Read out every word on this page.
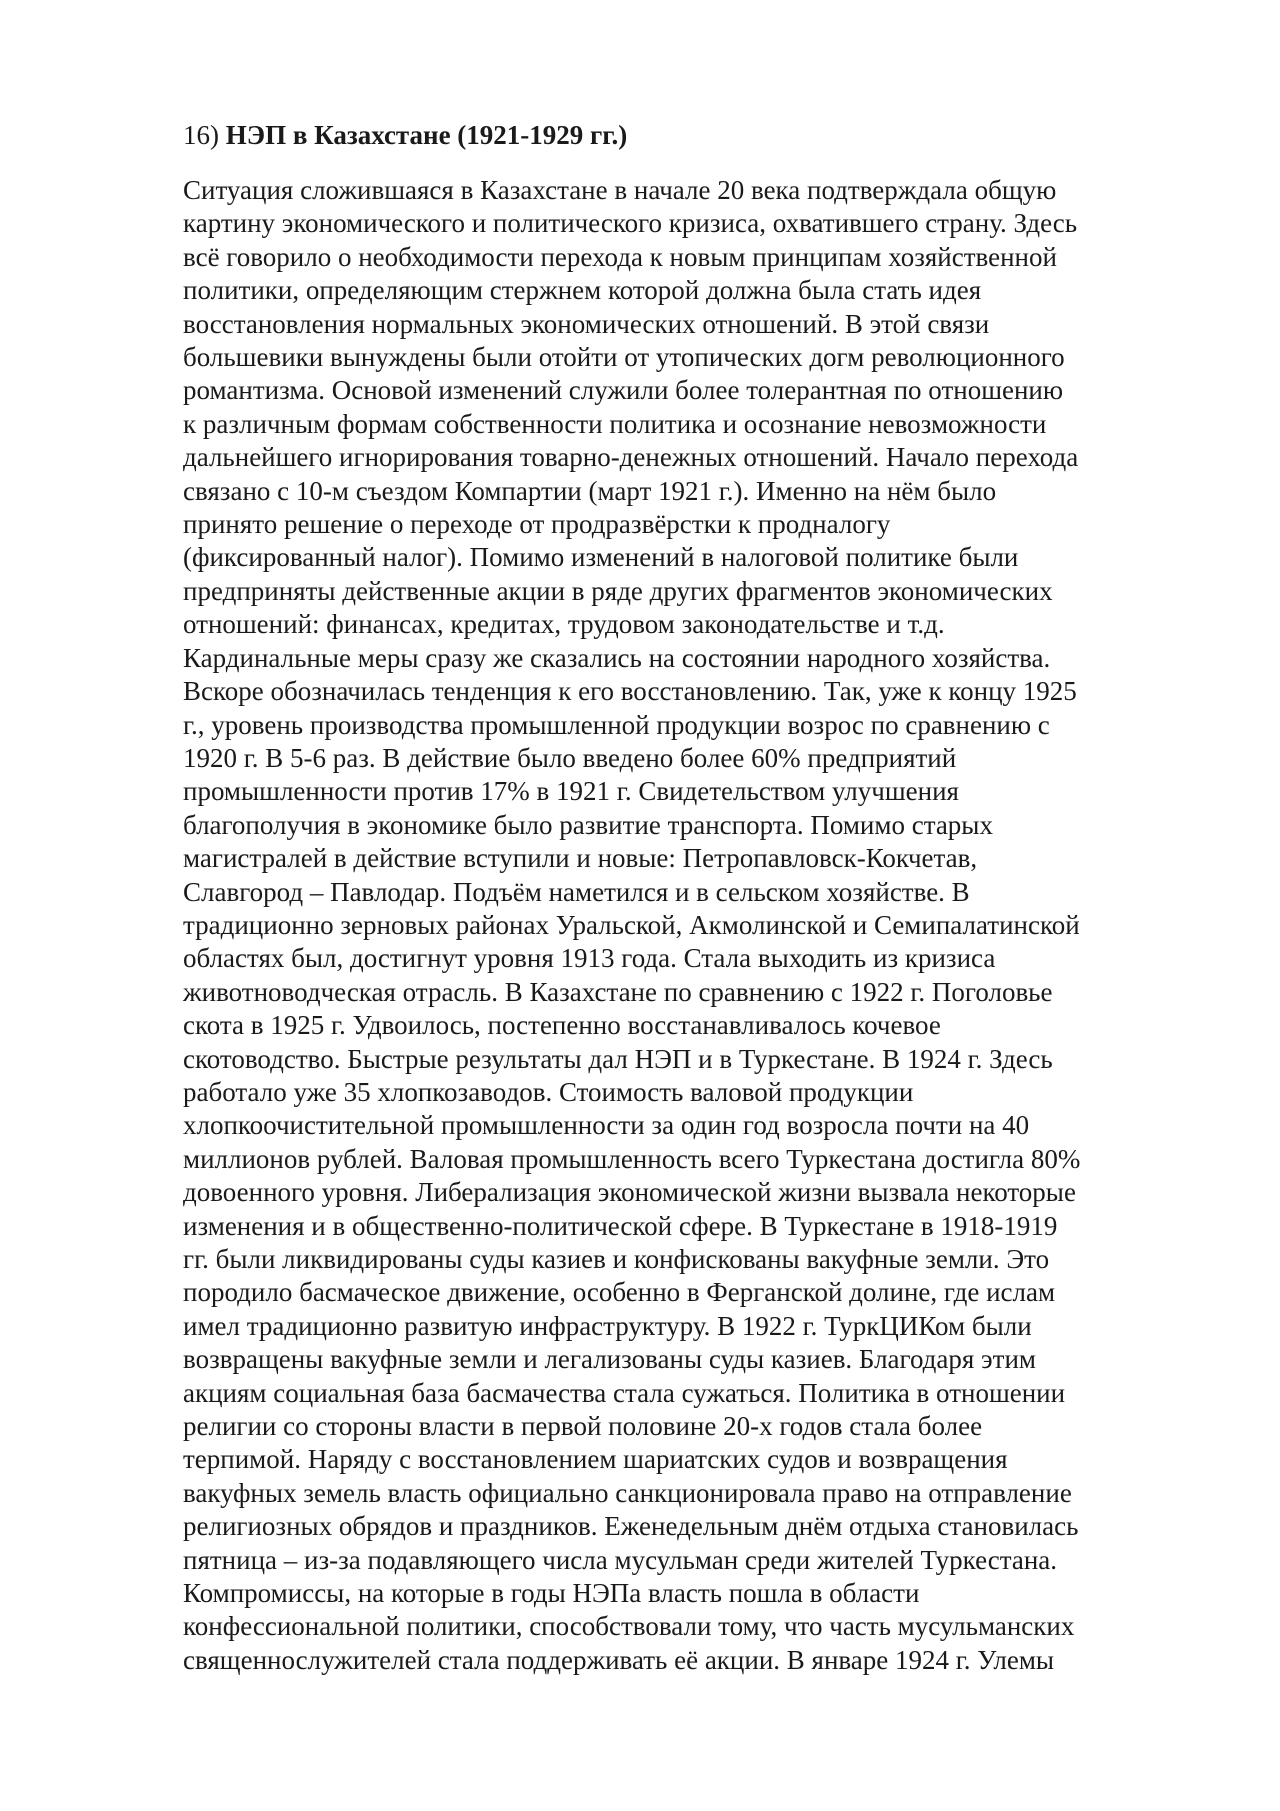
16) НЭП в Казахстане (1921-1929 гг.)
Ситуация сложившаяся в Казахстане в начале 20 века подтверждала общую
картину экономического и политического кризиса, охватившего страну. Здесь
всё говорило о необходимости перехода к новым принципам хозяйственной
политики, определяющим стержнем которой должна была стать идея
восстановления нормальных экономических отношений. В этой связи
большевики вынуждены были отойти от утопических догм революционного
романтизма. Основой изменений служили более толерантная по отношению
к различным формам собственности политика и осознание невозможности
дальнейшего игнорирования товарно-денежных отношений. Начало перехода
связано с 10-м съездом Компартии (март 1921 г.). Именно на нём было
принято решение о переходе от продразвёрстки к продналогу
(фиксированный налог). Помимо изменений в налоговой политике были
предприняты действенные акции в ряде других фрагментов экономических
отношений: финансах, кредитах, трудовом законодательстве и т.д.
Кардинальные меры сразу же сказались на состоянии народного хозяйства.
Вскоре обозначилась тенденция к его восстановлению. Так, уже к концу 1925
г., уровень производства промышленной продукции возрос по сравнению с
1920 г. В 5-6 раз. В действие было введено более 60% предприятий
промышленности против 17% в 1921 г. Свидетельством улучшения
благополучия в экономике было развитие транспорта. Помимо старых
магистралей в действие вступили и новые: Петропавловск-Кокчетав,
Славгород – Павлодар. Подъём наметился и в сельском хозяйстве. В
традиционно зерновых районах Уральской, Акмолинской и Семипалатинской
областях был, достигнут уровня 1913 года. Стала выходить из кризиса
животноводческая отрасль. В Казахстане по сравнению с 1922 г. Поголовье
скота в 1925 г. Удвоилось, постепенно восстанавливалось кочевое
скотоводство. Быстрые результаты дал НЭП и в Туркестане. В 1924 г. Здесь
работало уже 35 хлопкозаводов. Стоимость валовой продукции
хлопкоочистительной промышленности за один год возросла почти на 40
миллионов рублей. Валовая промышленность всего Туркестана достигла 80%
довоенного уровня. Либерализация экономической жизни вызвала некоторые
изменения и в общественно-политической сфере. В Туркестане в 1918-1919
гг. были ликвидированы суды казиев и конфискованы вакуфные земли. Это
породило басмаческое движение, особенно в Ферганской долине, где ислам
имел традиционно развитую инфраструктуру. В 1922 г. ТуркЦИКом были
возвращены вакуфные земли и легализованы суды казиев. Благодаря этим
акциям социальная база басмачества стала сужаться. Политика в отношении
религии со стороны власти в первой половине 20-х годов стала более
терпимой. Наряду с восстановлением шариатских судов и возвращения
вакуфных земель власть официально санкционировала право на отправление
религиозных обрядов и праздников. Еженедельным днём отдыха становилась
пятница – из-за подавляющего числа мусульман среди жителей Туркестана.
Компромиссы, на которые в годы НЭПа власть пошла в области
конфессиональной политики, способствовали тому, что часть мусульманских
священнослужителей стала поддерживать её акции. В январе 1924 г. Улемы
